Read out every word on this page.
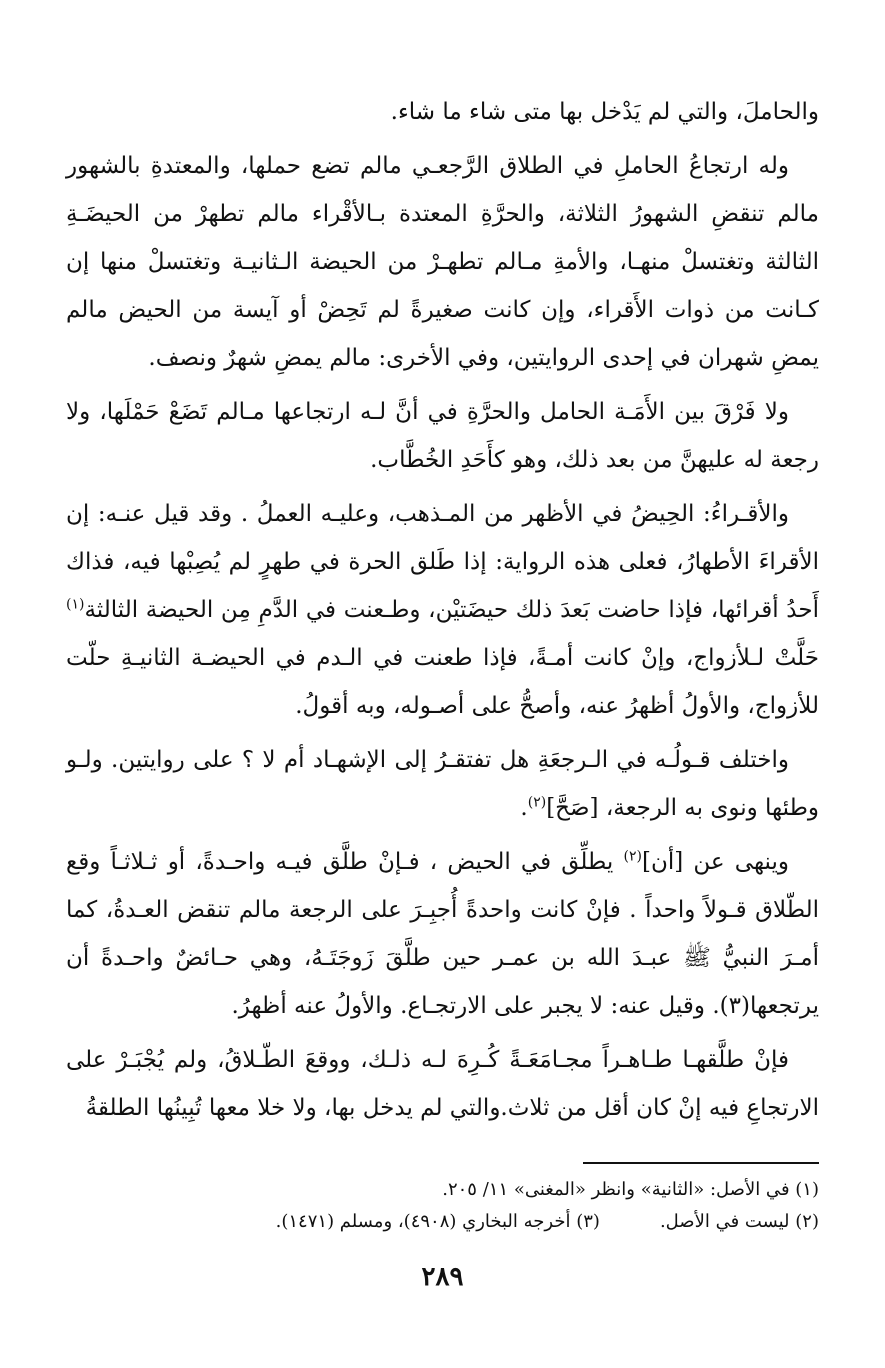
والحاملَ، والتي لم يَدْخل بها متى شاء ما شاء.

وله ارتجاعُ الحاملِ في الطلاق الرَّجعـي مالم تضع حملها، والمعتدةِ بالشهور مالم تنقضِ الشهورُ الثلاثة، والحرَّةِ المعتدة بـالأقْراء مالم تطهرْ من الحيضَـةِ الثالثة وتغتسلْ منهـا، والأمةِ مـالم تطهـرْ من الحيضة الـثانيـة وتغتسلْ منها إن كـانت من ذوات الأَقراء، وإن كانت صغيرةً لم تَحِضْ أو آيسة من الحيض مالم يمضِ شهران في إحدى الروايتين، وفي الأخرى: مالم يمضِ شهرٌ ونصف.

ولا فَرْقَ بين الأَمَـة الحامل والحرَّةِ في أنَّ لـه ارتجاعها مـالم تَضَعْ حَمْلَها، ولا رجعة له عليهنَّ من بعد ذلك، وهو كأَحَدِ الخُطَّاب.

والأقـراءُ: الحِيضُ في الأظهر من المـذهب، وعليـه العملُ . وقد قيل عنـه: إن الأقراءَ الأطهارُ، فعلى هذه الرواية: إذا طَلق الحرة في طهرٍ لم يُصِبْها فيه، فذاك أَحدُ أقرائها، فإذا حاضت بَعدَ ذلك حيضَتيْن، وطـعنت في الدَّمِ مِن الحيضة الثالثة$^{(١)}$ حَلَّتْ لـلأزواج، وإنْ كانت أمـةً، فإذا طعنت في الـدم في الحيضـة الثانيـةِ حلّت للأزواج، والأولُ أظهرُ عنه، وأصحُّ على أصـوله، وبه أقولُ.

واختلف قـولُـه في الـرجعَةِ هل تفتقـرُ إلى الإشهـاد أم لا ؟ على روايتين. ولـو وطئها ونوى به الرجعة، [صَحَّ]$^{(٢)}$.

وينهى عن [أن]$^{(٢)}$ يطلِّق في الحيض ، فـإنْ طلَّق فيـه واحـدةً، أو ثـلاثـاً وقع الطّلاق قـولاً واحداً . فإنْ كانت واحدةً أُجبِـرَ على الرجعة مالم تنقض العـدةُ، كما أمـرَ النبيُّ ﷺ عبـدَ الله بن عمـر حين طلَّقَ زَوجَتَـهُ، وهي حـائضٌ واحـدةً أن يرتجعها(٣). وقيل عنه: لا يجبر على الارتجـاع. والأولُ عنه أظهرُ.

فإنْ طلَّقهـا طـاهـراً مجـامَعَـةً كُـرِهَ لـه ذلـك، ووقعَ الطّـلاقُ، ولم يُجْبَـرْ على الارتجاعِ فيه إنْ كان أقل من ثلاث.والتي لم يدخل بها، ولا خلا معها تُبِينُها الطلقةُ

(١) في الأصل: «الثانية» وانظر «المغنى» ١١/ ٢٠٥.
(٢) ليست في الأصل.
(٣) أخرجه البخاري (٤٩٠٨)، ومسلم (١٤٧١).
٢٨٩
